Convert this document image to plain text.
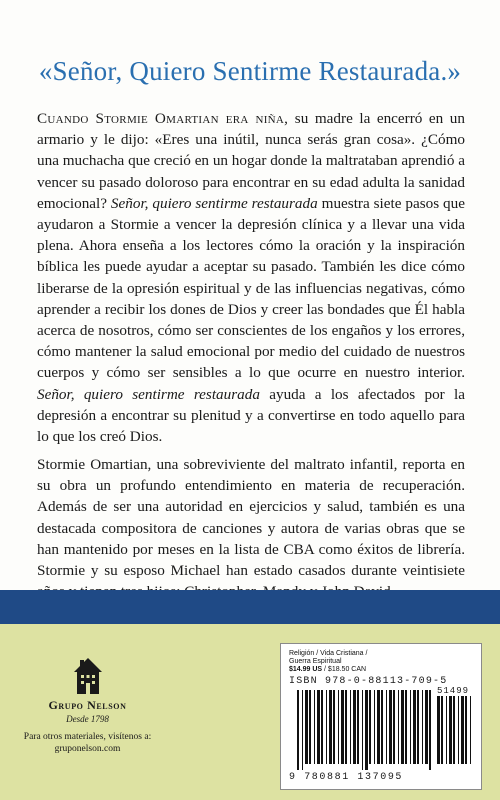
«Señor, Quiero Sentirme Restaurada.»

Cuando Stormie Omartian era niña, su madre la encerró en un armario y le dijo: «Eres una inútil, nunca serás gran cosa». ¿Cómo una muchacha que creció en un hogar donde la maltrataban aprendió a vencer su pasado doloroso para encontrar en su edad adulta la sanidad emocional? Señor, quiero sentirme restaurada muestra siete pasos que ayudaron a Stormie a vencer la depresión clínica y a llevar una vida plena. Ahora enseña a los lectores cómo la oración y la inspiración bíblica les puede ayudar a aceptar su pasado. También les dice cómo liberarse de la opresión espiritual y de las influencias negativas, cómo aprender a recibir los dones de Dios y creer las bondades que Él habla acerca de nosotros, cómo ser conscientes de los engaños y los errores, cómo mantener la salud emocional por medio del cuidado de nuestros cuerpos y cómo ser sensibles a lo que ocurre en nuestro interior. Señor, quiero sentirme restaurada ayuda a los afectados por la depresión a encontrar su plenitud y a convertirse en todo aquello para lo que los creó Dios.

Stormie Omartian, una sobreviviente del maltrato infantil, reporta en su obra un profundo entendimiento en materia de recuperación. Además de ser una autoridad en ejercicios y salud, también es una destacada compositora de canciones y autora de varias obras que se han mantenido por meses en la lista de CBA como éxitos de librería. Stormie y su esposo Michael han estado casados durante veintisiete

Grupo Nelson
Desde 1798
Para otros materiales, visítenos a:
gruponelson.com
Religión / Vida Cristiana /
Guerra Espiritual
$14.99 US / $18.50 CAN
ISBN 978-0-88113-709-5
51499
9 780881 137095
